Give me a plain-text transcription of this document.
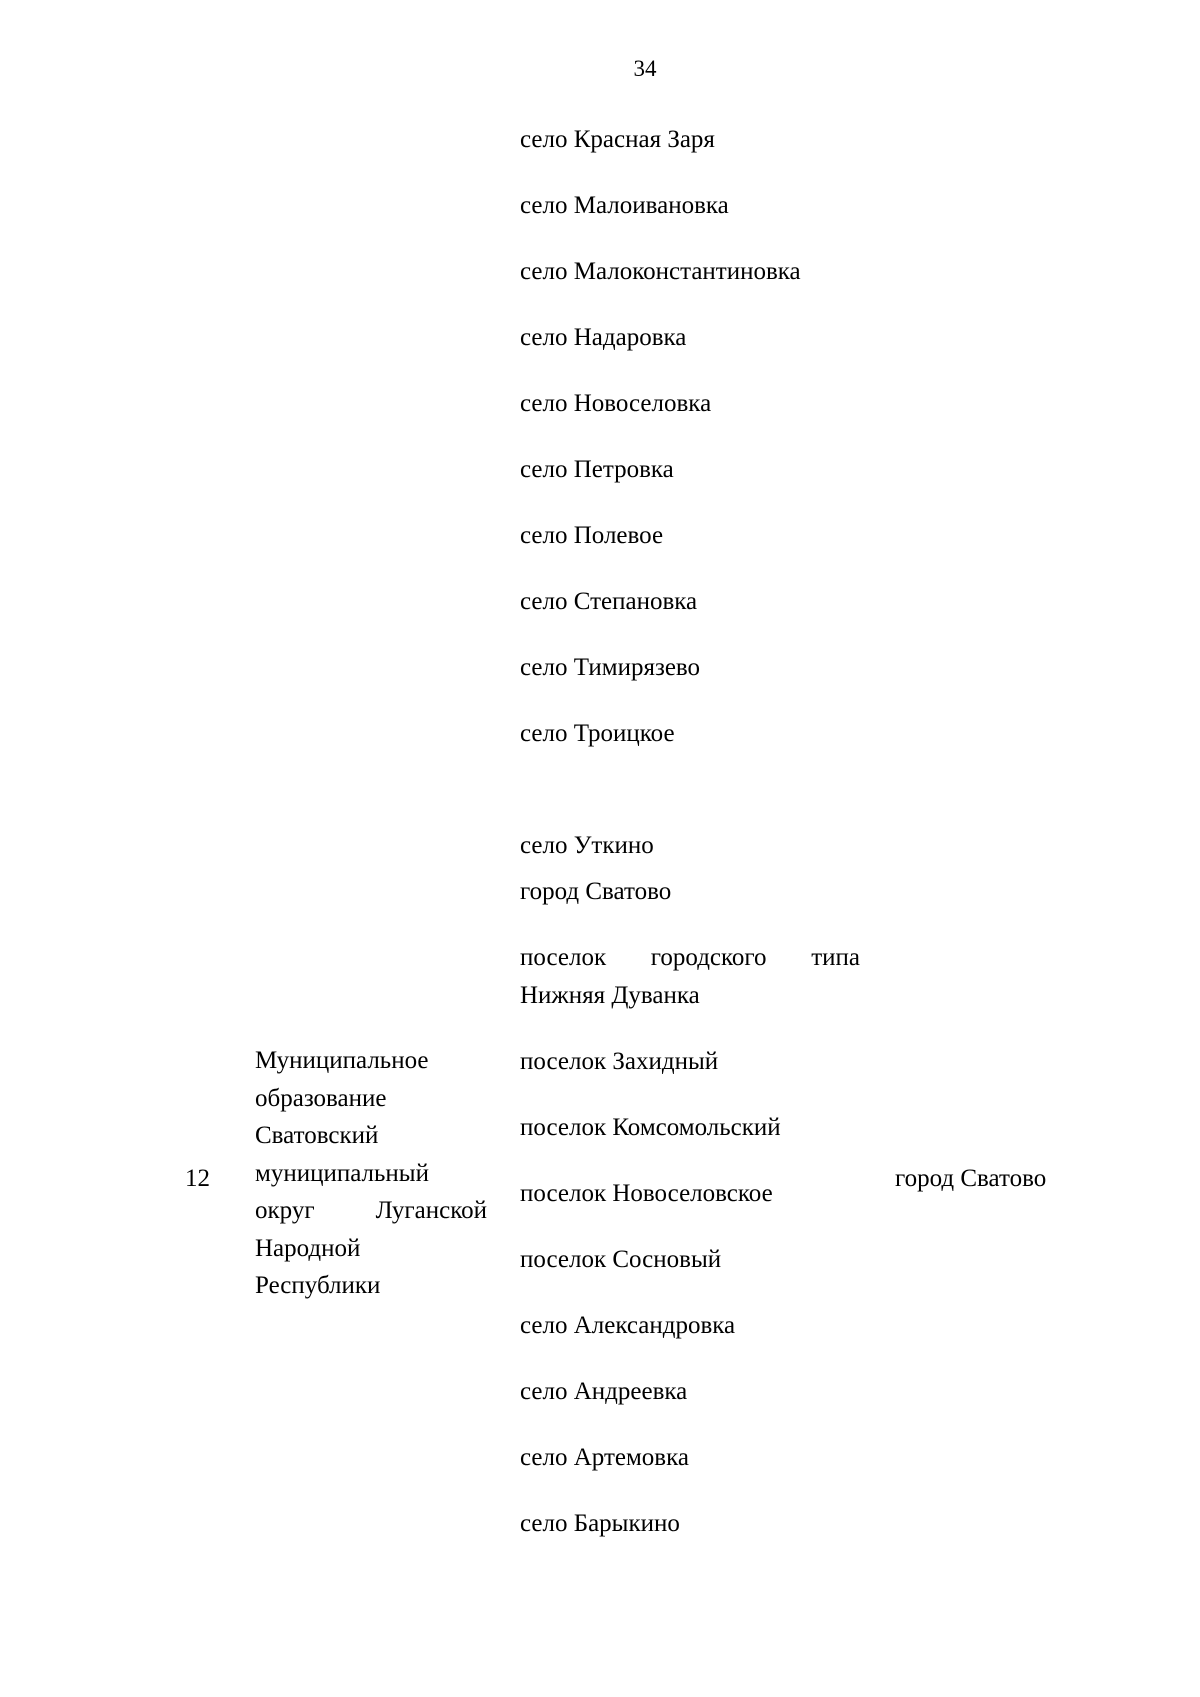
34
село Красная Заря
село Малоивановка
село Малоконстантиновка
село Надаровка
село Новоселовка
село Петровка
село Полевое
село Степановка
село Тимирязево
село Троицкое
12
Муниципальное
образование
Сватовский
муниципальный
округ Луганской
Народной
Республики
село Уткино
город Сватово
поселок городского типа
Нижняя Дуванка
поселок Захидный
поселок Комсомольский
поселок Новоселовское
поселок Сосновый
село Александровка
село Андреевка
село Артемовка
село Барыкино
город Сватово
